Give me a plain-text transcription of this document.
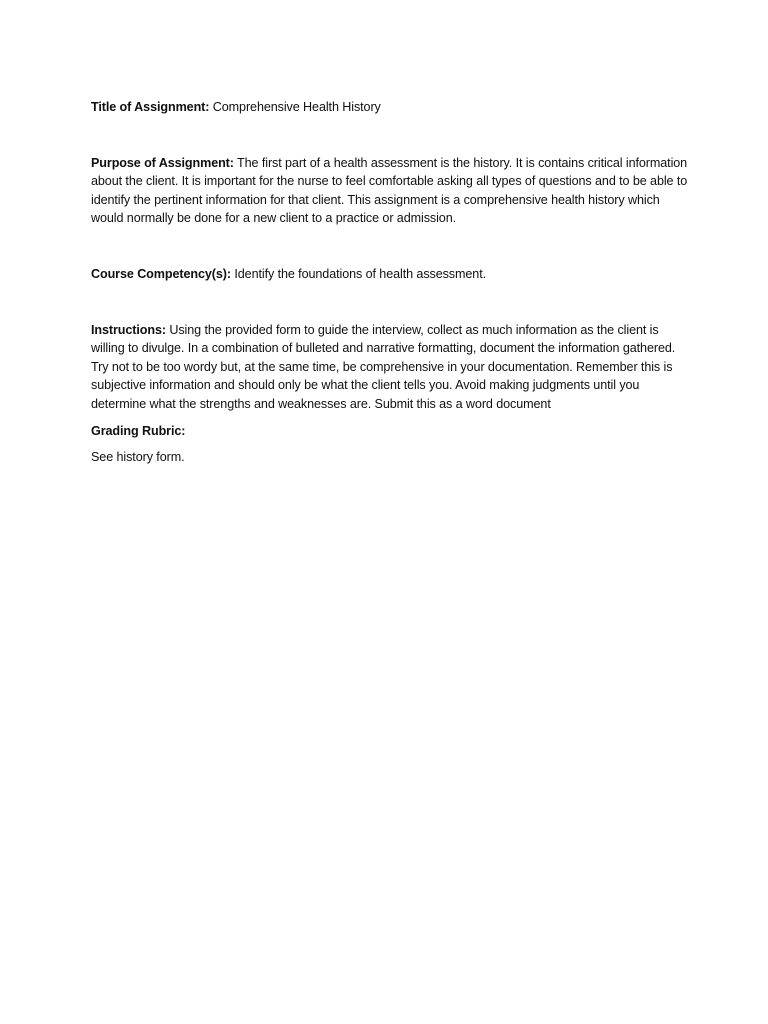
Title of Assignment: Comprehensive Health History

Purpose of Assignment: The first part of a health assessment is the history. It is contains critical information about the client. It is important for the nurse to feel comfortable asking all types of questions and to be able to identify the pertinent information for that client. This assignment is a comprehensive health history which would normally be done for a new client to a practice or admission.

Course Competency(s): Identify the foundations of health assessment.

Instructions: Using the provided form to guide the interview, collect as much information as the client is willing to divulge. In a combination of bulleted and narrative formatting, document the information gathered. Try not to be too wordy but, at the same time, be comprehensive in your documentation. Remember this is subjective information and should only be what the client tells you. Avoid making judgments until you determine what the strengths and weaknesses are. Submit this as a word document

Grading Rubric:

See history form.
